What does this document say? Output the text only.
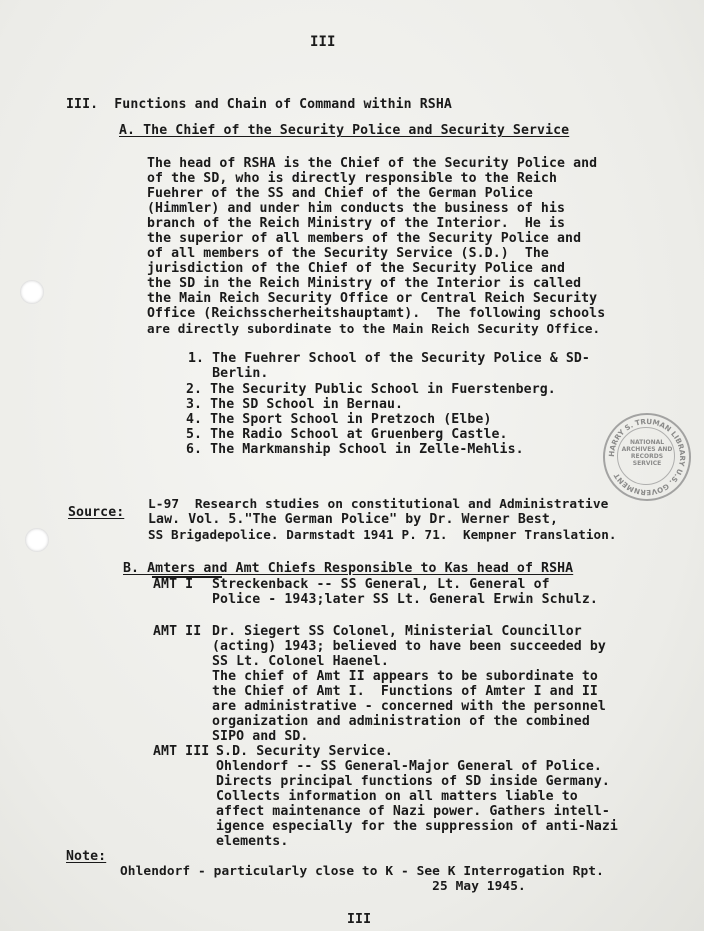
III
III.  Functions and Chain of Command within RSHA
A. The Chief of the Security Police and Security Service
The head of RSHA is the Chief of the Security Police and
of the SD, who is directly responsible to the Reich
Fuehrer of the SS and Chief of the German Police
(Himmler) and under him conducts the business of his
branch of the Reich Ministry of the Interior.  He is
the superior of all members of the Security Police and
of all members of the Security Service (S.D.)  The
jurisdiction of the Chief of the Security Police and
the SD in the Reich Ministry of the Interior is called
the Main Reich Security Office or Central Reich Security
Office (Reichsscherheitshauptamt).  The following schools
are directly subordinate to the Main Reich Security Office.
1. The Fuehrer School of the Security Police & SD-
Berlin.
2. The Security Public School in Fuerstenberg.
3. The SD School in Bernau.
4. The Sport School in Pretzoch (Elbe)
5. The Radio School at Gruenberg Castle.
6. The Markmanship School in Zelle-Mehlis.	HARRY S. TRUMAN LIBRARY U.S. GOVERNMENT
NATIONAL ARCHIVES AND RECORDS SERVICE
Source:
L-97  Research studies on constitutional and Administrative
Law. Vol. 5."The German Police" by Dr. Werner Best,
SS Brigadepolice. Darmstadt 1941 P. 71.  Kempner Translation.
B. Amters and Amt Chiefs Responsible to Kas head of RSHA
AMT I Streckenback -- SS General, Lt. General of
Police - 1943;later SS Lt. General Erwin Schulz.
AMT II Dr. Siegert SS Colonel, Ministerial Councillor
(acting) 1943; believed to have been succeeded by
SS Lt. Colonel Haenel.
The chief of Amt II appears to be subordinate to
the Chief of Amt I.  Functions of Amter I and II
are administrative - concerned with the personnel
organization and administration of the combined
SIPO and SD.
AMT III S.D. Security Service.
Ohlendorf -- SS General-Major General of Police.
Directs principal functions of SD inside Germany.
Collects information on all matters liable to
affect maintenance of Nazi power. Gathers intell-
igence especially for the suppression of anti-Nazi
elements.
Note:
Ohlendorf - particularly close to K - See K Interrogation Rpt.
25 May 1945.
III
